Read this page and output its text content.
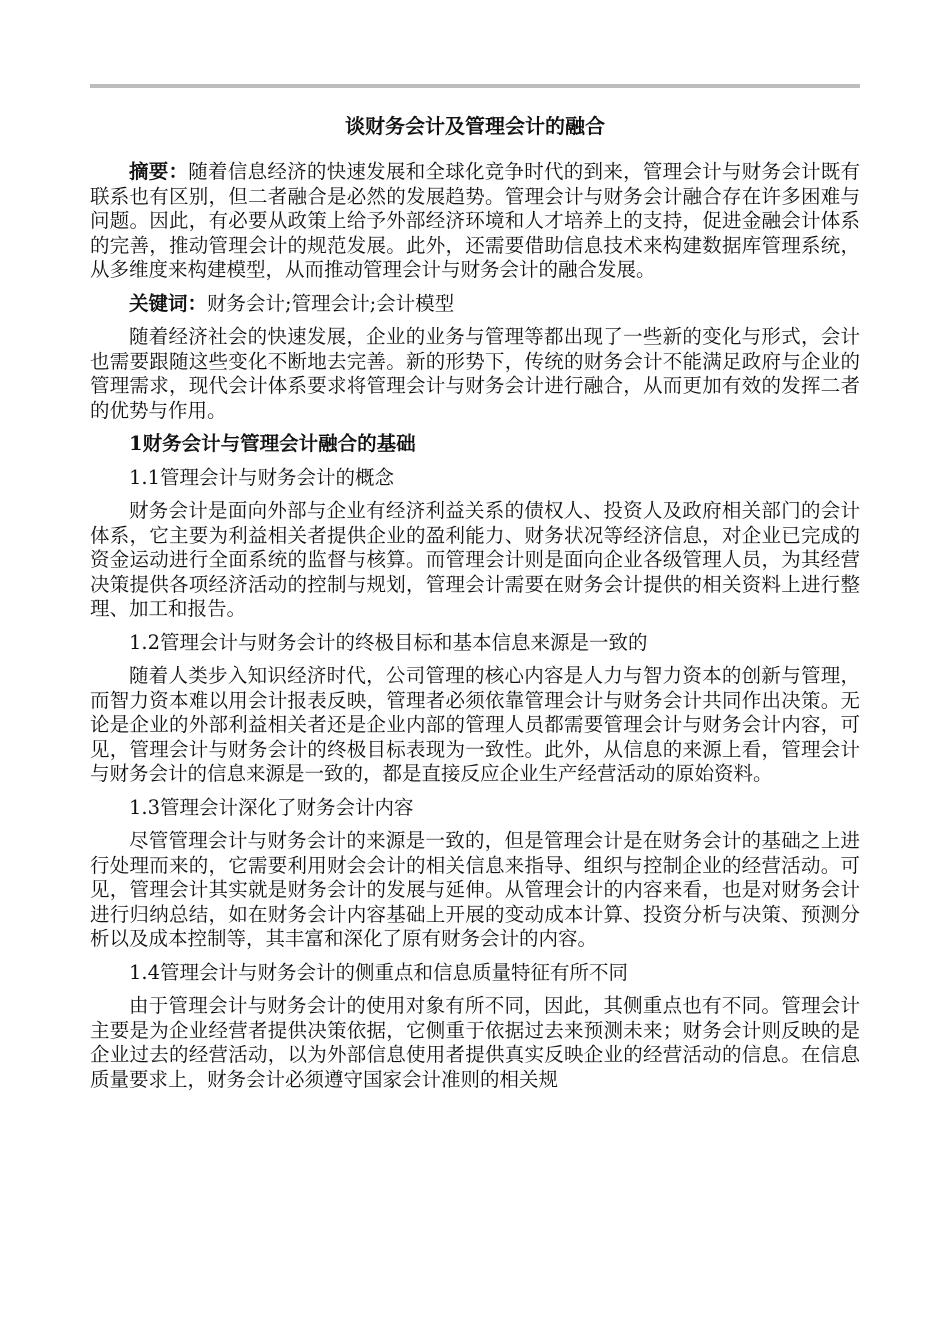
谈财务会计及管理会计的融合

摘要：随着信息经济的快速发展和全球化竞争时代的到来，管理会计与财务会计既有联系也有区别，但二者融合是必然的发展趋势。管理会计与财务会计融合存在许多困难与问题。因此，有必要从政策上给予外部经济环境和人才培养上的支持，促进金融会计体系的完善，推动管理会计的规范发展。此外，还需要借助信息技术来构建数据库管理系统，从多维度来构建模型，从而推动管理会计与财务会计的融合发展。

关键词：财务会计;管理会计;会计模型

随着经济社会的快速发展，企业的业务与管理等都出现了一些新的变化与形式，会计也需要跟随这些变化不断地去完善。新的形势下，传统的财务会计不能满足政府与企业的管理需求，现代会计体系要求将管理会计与财务会计进行融合，从而更加有效的发挥二者的优势与作用。

1财务会计与管理会计融合的基础
1.1管理会计与财务会计的概念

财务会计是面向外部与企业有经济利益关系的债权人、投资人及政府相关部门的会计体系，它主要为利益相关者提供企业的盈利能力、财务状况等经济信息，对企业已完成的资金运动进行全面系统的监督与核算。而管理会计则是面向企业各级管理人员，为其经营决策提供各项经济活动的控制与规划，管理会计需要在财务会计提供的相关资料上进行整理、加工和报告。

1.2管理会计与财务会计的终极目标和基本信息来源是一致的

随着人类步入知识经济时代，公司管理的核心内容是人力与智力资本的创新与管理，而智力资本难以用会计报表反映，管理者必须依靠管理会计与财务会计共同作出决策。无论是企业的外部利益相关者还是企业内部的管理人员都需要管理会计与财务会计内容，可见，管理会计与财务会计的终极目标表现为一致性。此外，从信息的来源上看，管理会计与财务会计的信息来源是一致的，都是直接反应企业生产经营活动的原始资料。

1.3管理会计深化了财务会计内容

尽管管理会计与财务会计的来源是一致的，但是管理会计是在财务会计的基础之上进行处理而来的，它需要利用财会会计的相关信息来指导、组织与控制企业的经营活动。可见，管理会计其实就是财务会计的发展与延伸。从管理会计的内容来看，也是对财务会计进行归纳总结，如在财务会计内容基础上开展的变动成本计算、投资分析与决策、预测分析以及成本控制等，其丰富和深化了原有财务会计的内容。

1.4管理会计与财务会计的侧重点和信息质量特征有所不同

由于管理会计与财务会计的使用对象有所不同，因此，其侧重点也有不同。管理会计主要是为企业经营者提供决策依据，它侧重于依据过去来预测未来；财务会计则反映的是企业过去的经营活动，以为外部信息使用者提供真实反映企业的经营活动的信息。在信息质量要求上，财务会计必须遵守国家会计准则的相关规
